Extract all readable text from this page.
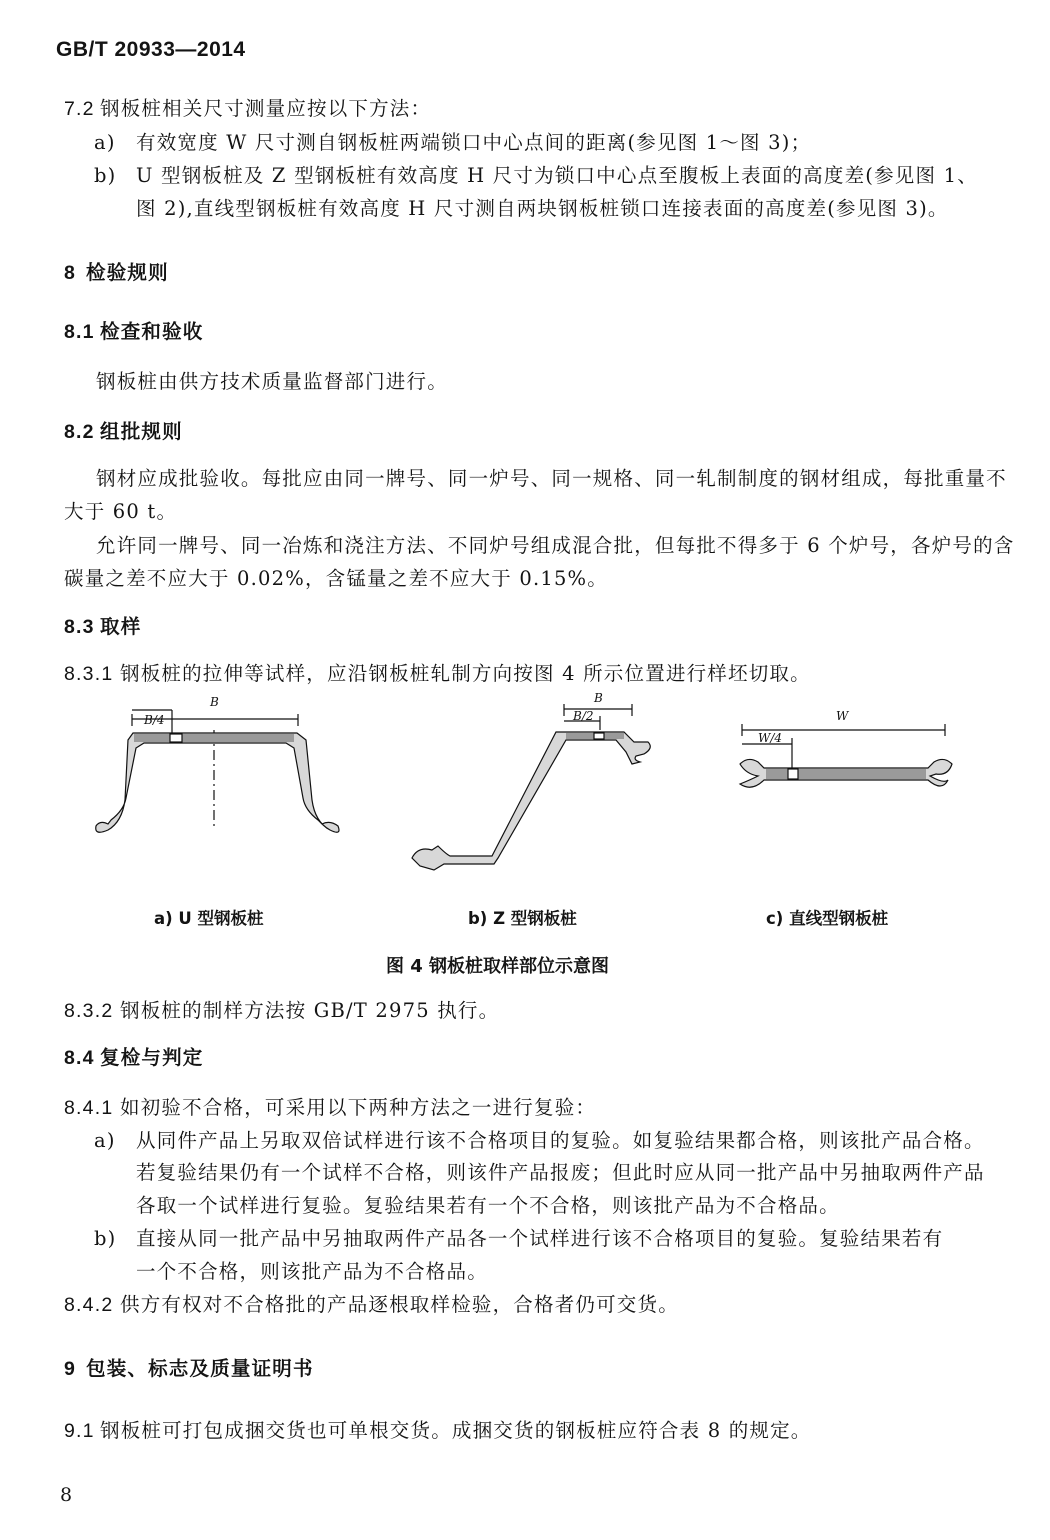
GB/T 20933—2014
7.2 钢板桩相关尺寸测量应按以下方法：
a) 有效宽度 W 尺寸测自钢板桩两端锁口中心点间的距离(参见图 1～图 3)；
b) U 型钢板桩及 Z 型钢板桩有效高度 H 尺寸为锁口中心点至腹板上表面的高度差(参见图 1、
图 2),直线型钢板桩有效高度 H 尺寸测自两块钢板桩锁口连接表面的高度差(参见图 3)。
8 检验规则
8.1 检查和验收
钢板桩由供方技术质量监督部门进行。
8.2 组批规则
钢材应成批验收。每批应由同一牌号、同一炉号、同一规格、同一轧制制度的钢材组成，每批重量不
大于 60 t。
允许同一牌号、同一冶炼和浇注方法、不同炉号组成混合批，但每批不得多于 6 个炉号，各炉号的含
碳量之差不应大于 0.02%，含锰量之差不应大于 0.15%。
8.3 取样
8.3.1 钢板桩的拉伸等试样，应沿钢板桩轧制方向按图 4 所示位置进行样坯切取。
B
B/4
B
B/2	W
W/4
a) U 型钢板桩	b) Z 型钢板桩	c) 直线型钢板桩
图 4 钢板桩取样部位示意图
8.3.2 钢板桩的制样方法按 GB/T 2975 执行。
8.4 复检与判定
8.4.1 如初验不合格，可采用以下两种方法之一进行复验：
a) 从同件产品上另取双倍试样进行该不合格项目的复验。如复验结果都合格，则该批产品合格。
若复验结果仍有一个试样不合格，则该件产品报废；但此时应从同一批产品中另抽取两件产品
各取一个试样进行复验。复验结果若有一个不合格，则该批产品为不合格品。
b) 直接从同一批产品中另抽取两件产品各一个试样进行该不合格项目的复验。复验结果若有
一个不合格，则该批产品为不合格品。
8.4.2 供方有权对不合格批的产品逐根取样检验，合格者仍可交货。
9 包装、标志及质量证明书
9.1 钢板桩可打包成捆交货也可单根交货。成捆交货的钢板桩应符合表 8 的规定。
8
